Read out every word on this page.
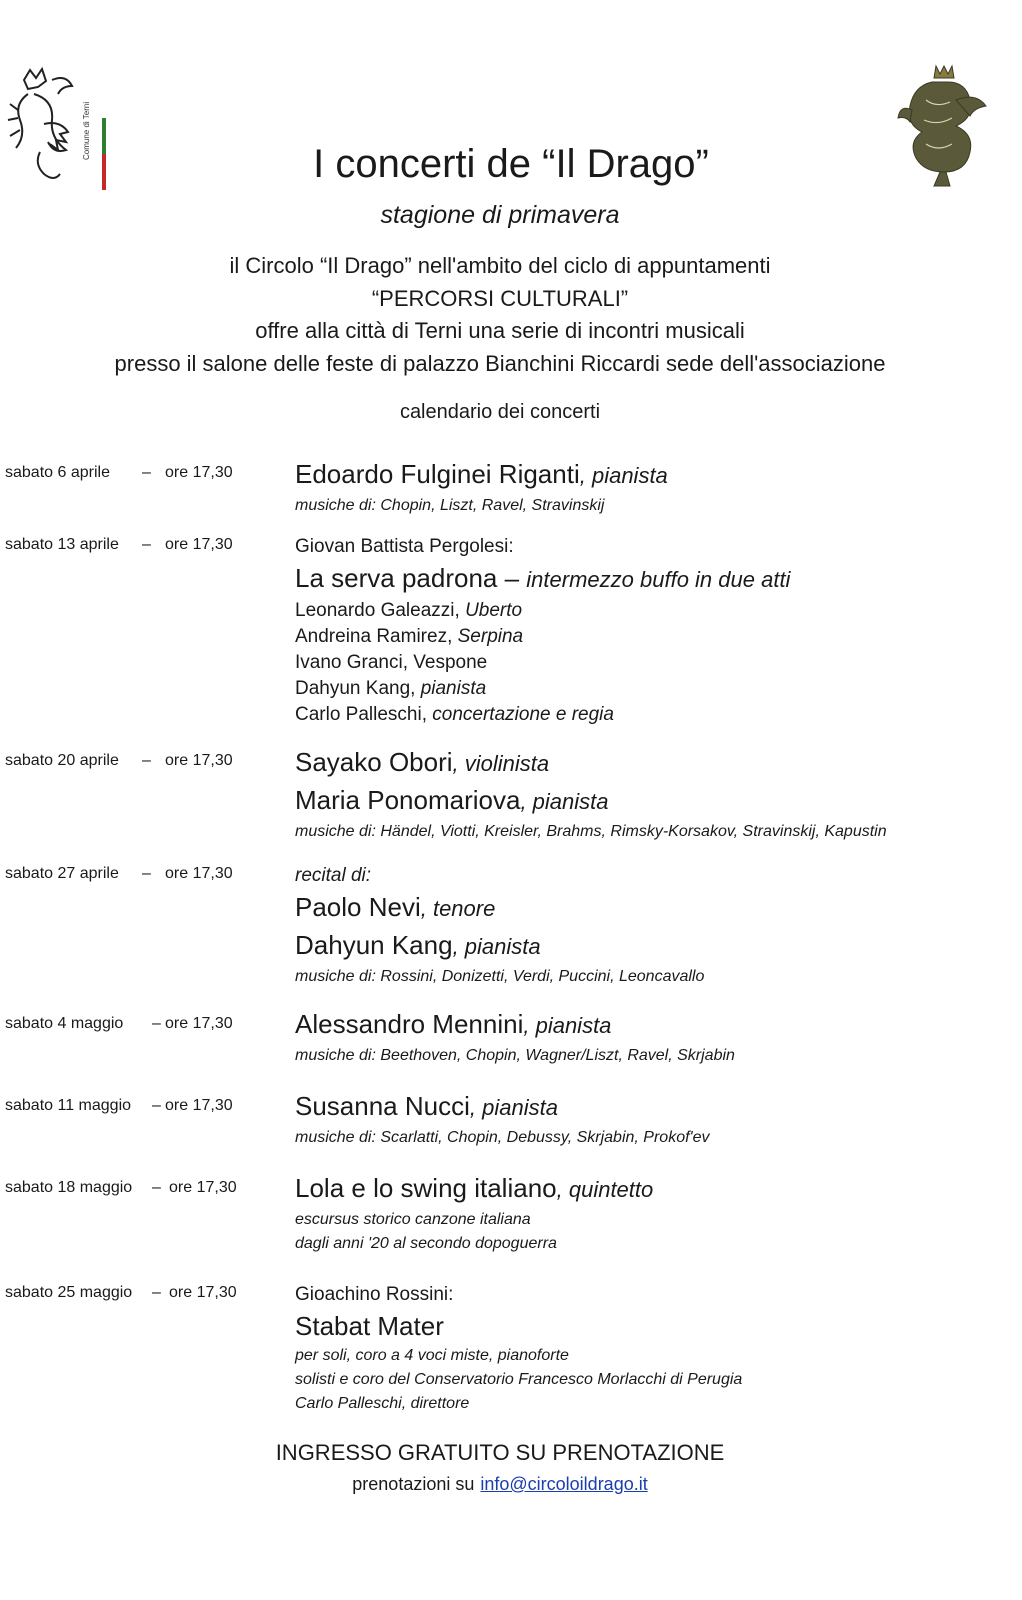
Comune di Terni
I concerti de “Il Drago”
stagione di primavera
il Circolo “Il Drago” nell'ambito del ciclo di appuntamenti
“PERCORSI CULTURALI”
offre alla città di Terni una serie di incontri musicali
presso il salone delle feste di palazzo Bianchini Riccardi sede dell'associazione
calendario dei concerti
sabato 6 aprile – ore 17,30 Edoardo Fulginei Riganti, pianista
musiche di: Chopin, Liszt, Ravel, Stravinskij
sabato 13 aprile – ore 17,30	Giovan Battista Pergolesi:
La serva padrona – intermezzo buffo in due atti
Leonardo Galeazzi, Uberto
Andreina Ramirez, Serpina
Ivano Granci, Vespone
Dahyun Kang, pianista
Carlo Palleschi, concertazione e regia
sabato 20 aprile – ore 17,30 Sayako Obori, violinista
Maria Ponomariova, pianista
musiche di: Händel, Viotti, Kreisler, Brahms, Rimsky-Korsakov, Stravinskij, Kapustin
sabato 27 aprile – ore 17,30	recital di:
Paolo Nevi, tenore
Dahyun Kang, pianista
musiche di: Rossini, Donizetti, Verdi, Puccini, Leoncavallo
sabato 4 maggio – ore 17,30 Alessandro Mennini, pianista
musiche di: Beethoven, Chopin, Wagner/Liszt, Ravel, Skrjabin
sabato 11 maggio – ore 17,30 Susanna Nucci, pianista
musiche di: Scarlatti, Chopin, Debussy, Skrjabin, Prokof'ev
sabato 18 maggio – ore 17,30 Lola e lo swing italiano, quintetto
escursus storico canzone italiana
dagli anni '20 al secondo dopoguerra
sabato 25 maggio – ore 17,30	Gioachino Rossini:
Stabat Mater
per soli, coro a 4 voci miste, pianoforte
solisti e coro del Conservatorio Francesco Morlacchi di Perugia
Carlo Palleschi, direttore
INGRESSO GRATUITO SU PRENOTAZIONE
prenotazioni su info@circoloildrago.it
